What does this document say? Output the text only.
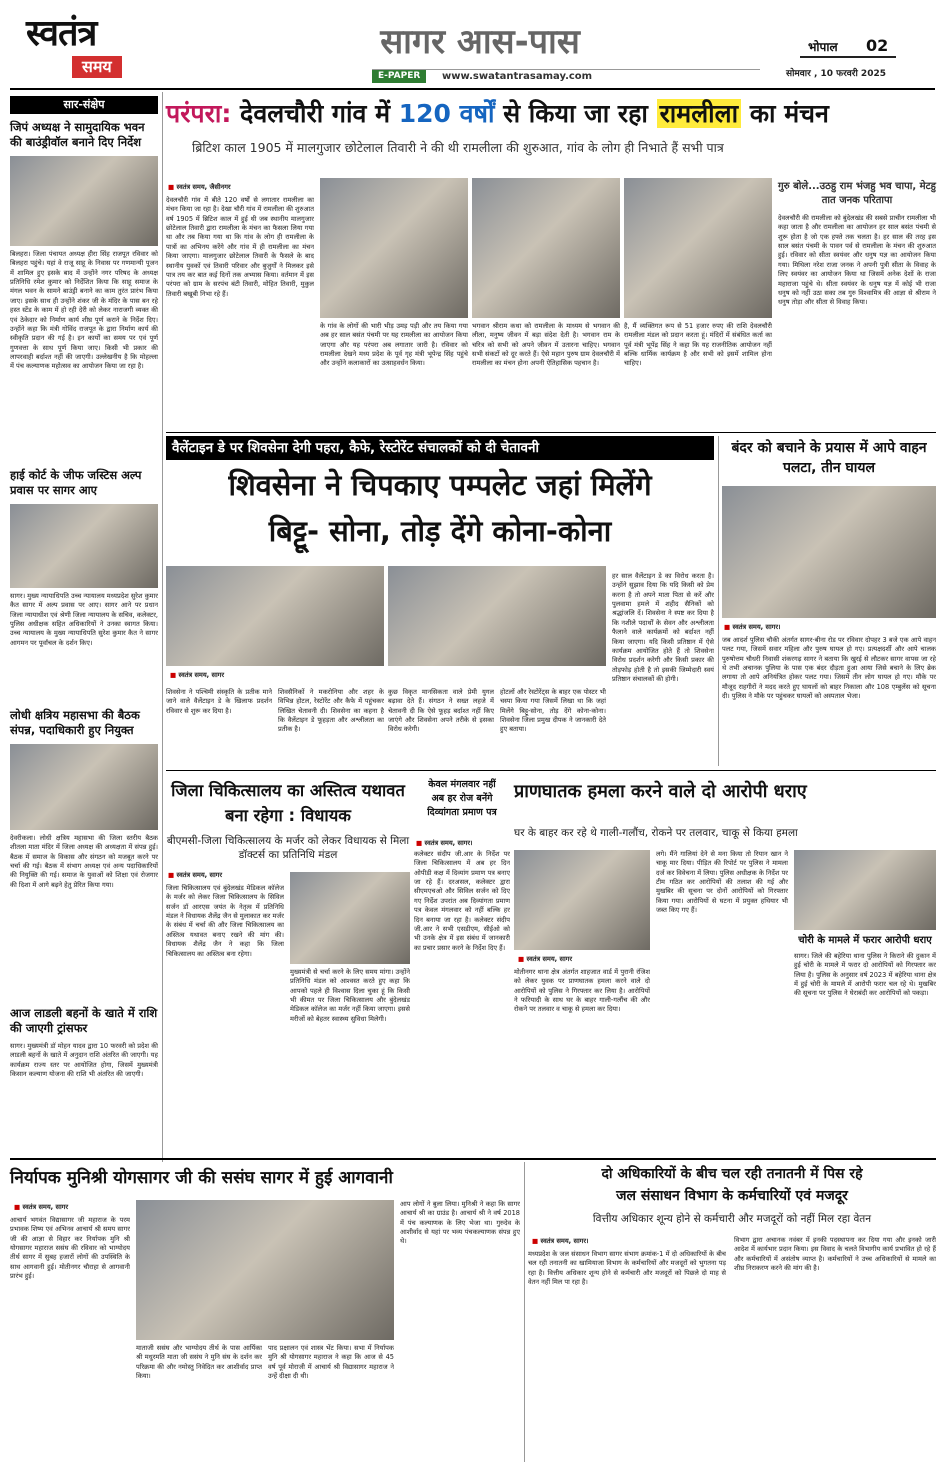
स्वतंत्र
समय
सागर आस-पास
E-PAPER	www.swatantrasamay.com
भोपाल 02
सोमवार , 10 फरवरी 2025
सार-संक्षेप
जिपं अध्यक्ष ने सामुदायिक भवन की बाउंड्रीवॉल बनाने दिए निर्देश
बिलहरा। जिला पंचायत अध्यक्ष हीरा सिंह राजपूत रविवार को बिलहरा पहुंचे। यहां वे राजू साहू के निवास पर गणमान्यी पूजन में शामिल हुए इसके बाद में उन्होंने नगर परिषद के अध्यक्ष प्रतिनिधि रमेश कुमार को निर्देशित किया कि साहू समाज के मंगल भवन के सामने बाउंड्री बनाने का काम तुरंत प्रारंभ किया जाए। इसके साथ ही उन्होंने शंकर जी के मंदिर के पास बन रहे हस्त स्टेंड के काम में हो रही देरी को लेकर नाराजगी व्यक्त की एवं ठेकेदार को निर्माण कार्य शीघ्र पूर्ण कराने के निर्देश दिए। उन्होंने कहा कि मंत्री गोविंद राजपूत के द्वारा निर्माण कार्य की स्वीकृति प्रदान की गई है। इन कार्यों का समय पर एवं पूर्ण गुणवत्ता के साथ पूर्ण किया जाए। किसी भी प्रकार की लापरवाही बर्दाश्त नहीं की जाएगी। उल्लेखनीय है कि मोहल्ला में पंच कल्याणक महोत्सव का आयोजन किया जा रहा है।
हाई कोर्ट के जीफ जस्टिस अल्प प्रवास पर सागर आए
सागर। मुख्य न्यायाधिपति उच्च न्यायालय मध्यप्रदेश सुरेश कुमार कैत सागर में अल्प प्रवास पर आए। सागर आने पर प्रधान जिला न्यायाधीश एवं श्रेणी जिला न्यायालय के सचिव, कलेक्टर, पुलिस अधीक्षक सहित अधिकारियों ने उनका स्वागत किया। उच्च न्यायालय के मुख्य न्यायाधिपति सुरेश कुमार कैत ने सागर आगमन पर पूर्वांचल के दर्शन किए।
लोधी क्षत्रिय महासभा की बैठक संपन्न, पदाधिकारी हुए नियुक्त
देवरीकला। लोधी क्षत्रिय महासभा की जिला स्तरीय बैठक शीतला माता मंदिर में जिला अध्यक्ष की अध्यक्षता में संपन्न हुई। बैठक में समाज के विकास और संगठन को मजबूत करने पर चर्चा की गई। बैठक में संभाग अध्यक्ष एवं अन्य पदाधिकारियों की नियुक्ति की गई। समाज के युवाओं को शिक्षा एवं रोजगार की दिशा में आगे बढ़ने हेतु प्रेरित किया गया।
आज लाडली बहनों के खाते में राशि की जाएगी ट्रांसफर
सागर। मुख्यमंत्री डॉ मोहन यादव द्वारा 10 फरवरी को प्रदेश की लाडली बहनों के खाते में अनुदान राशि अंतरित की जाएगी। यह कार्यक्रम राज्य स्तर पर आयोजित होगा, जिसमें मुख्यमंत्री किसान कल्याण योजना की राशि भी अंतरित की जाएगी।
परंपरा: देवलचौरी गांव में 120 वर्षों से किया जा रहा रामलीला का मंचन
ब्रिटिश काल 1905 में मालगुजार छोटेलाल तिवारी ने की थी रामलीला की शुरुआत, गांव के लोग ही निभाते हैं सभी पात्र
■ स्वतंत्र समय, जैसीनगर
देवलचौरी गांव में बीते 120 वर्षों से लगातार रामलीला का मंचन किया जा रहा है। देखा चौरी गांव में रामलीला की शुरुआत वर्ष 1905 में ब्रिटिश काल में हुई थी जब स्थानीय मालगुजार छोटेलाल तिवारी द्वारा रामलीला के मंचन का फैसला लिया गया था और तब किया गया था कि गांव के लोग ही रामलीला के पात्रों का अभिनय करेंगे और गांव में ही रामलीला का मंचन किया जाएगा। मालगुजार छोटेलाल तिवारी के फैसले के बाद स्थानीय युवकों एवं तिवारी परिवार और बुजुर्गों ने मिलकर इसे पात्र तय कर बात कई दिनों तक अभ्यास किया। वर्तमान में इस परंपरा को ग्राम के सरपंच बंटी तिवारी, मोहित तिवारी, मुकुल तिवारी बखूबी निभा रहे हैं।
के गांव के लोगों की भारी भीड़ उमड़ पड़ी और तय किया गया अब हर साल बसंत पंचमी पर यह रामलीला का आयोजन किया जाएगा और यह परंपरा अब लगातार जारी है। रविवार को रामलीला देखने मध्य प्रदेश के पूर्व गृह मंत्री भूपेन्द्र सिंह पहुंचे और उन्होंने कलाकारों का उत्साहवर्धन किया।
भगवान श्रीराम कथा को रामलीला के माध्यम से भगवान की लीला, मनुष्य जीवन में बड़ा संदेश देती है। भगवान राम के चरित्र को सभी को अपने जीवन में उतारना चाहिए। भगवान सभी संकटों को दूर करते हैं। ऐसे महान पुरुष ग्राम देवलचौरी में रामलीला का मंचन होना अपनी ऐतिहासिक पहचान है।
है, मैं व्यक्तिगत रूप से 51 हजार रुपए की राशि देवलचौरी रामलीला मंडल को प्रदान करता हूं। मंदिरों में संबंधित कर्ता का पूर्व मंत्री भूपेंद्र सिंह ने कहा कि यह राजनीतिक आयोजन नहीं बल्कि धार्मिक कार्यक्रम है और सभी को इसमें शामिल होना चाहिए।
गुरु बोले...उठहु राम भंजहु भव चापा, मेटहु तात जनक परितापा
देवलचौरी की रामलीला को बुंदेलखंड की सबसे प्राचीन रामलीला भी कहा जाता है और रामलीला का आयोजन हर साल बसंत पंचमी से शुरू होता है जो एक हफ्ते तक चलता है। हर साल की तरह इस साल बसंत पंचमी के पावन पर्व से रामलीला के मंचन की शुरुआत हुई। रविवार को सीता स्वयंवर और धनुष यज्ञ का आयोजन किया गया। मिथिला नरेश राजा जनक ने अपनी पुत्री सीता के विवाह के लिए स्वयंवर का आयोजन किया था जिसमें अनेक देशों के राजा महाराजा पहुंचे थे। सीता स्वयंवर के धनुष यज्ञ में कोई भी राजा धनुष को नहीं उठा सका तब गुरु विश्वामित्र की आज्ञा से श्रीराम ने धनुष तोड़ा और सीता से विवाह किया।
वैलेंटाइन डे पर शिवसेना देगी पहरा, कैफे, रेस्टोरेंट संचालकों को दी चेतावनी
शिवसेना ने चिपकाए पम्पलेट जहां मिलेंगे
बिट्टू- सोना, तोड़ देंगे कोना-कोना
■ स्वतंत्र समय, सागर
हर साल वैलेंटाइन डे का विरोध करता है। उन्होंने सुझाव दिया कि यदि किसी को प्रेम करना है तो अपने माता पिता से करें और पुलवामा हमले में शहीद सैनिकों को श्रद्धांजलि दें। शिवसेना ने स्पष्ट कर दिया है कि नशीले पदार्थों के सेवन और अश्लीलता फैलाने वाले कार्यक्रमों को बर्दाश्त नहीं किया जाएगा। यदि किसी प्रतिष्ठान में ऐसे कार्यक्रम आयोजित होते हैं तो शिवसेना विरोध प्रदर्शन करेगी और किसी प्रकार की तोड़फोड़ होती है तो इसकी जिम्मेदारी स्वयं प्रतिष्ठान संचालकों की होगी।
शिवसेना ने पश्चिमी संस्कृति के प्रतीक माने जाने वाले वैलेंटाइन डे के खिलाफ प्रदर्शन रविवार से शुरू कर दिया है।
शिवसैनिकों ने मकरोनिया और शहर के विभिन्न होटल, रेस्टोरेंट और कैफे में पहुंचकर लिखित चेतावनी दी। शिवसेना का कहना है कि वैलेंटाइन डे फूहड़ता और अश्लीलता का प्रतीक है।
कुछ विकृत मानसिकता वाले प्रेमी युगल बढ़ावा देते हैं। संगठन ने सख्त लहजे में चेतावनी दी कि ऐसे फूहड़ बर्दाश्त नहीं किए जाएंगे और शिवसेना अपने तरीके से इसका विरोध करेगी।
होटलों और रेस्टोरेंट्स के बाहर एक पोस्टर भी चस्पा किया गया जिसमें लिखा था कि जहां मिलेंगे बिट्टू-सोना, तोड़ देंगे कोना-कोना। शिवसेना जिला प्रमुख दीपक ने जानकारी देते हुए बताया।
बंदर को बचाने के प्रयास में आपे वाहन पलटा, तीन घायल
■ स्वतंत्र समय, सागर।
जब आदर्श पुलिस चौकी अंतर्गत सागर-बीना रोड पर रविवार दोपहर 3 बजे एक आपे वाहन पलट गया, जिसमें सवार महिला और पुरुष घायल हो गए। प्रत्यक्षदर्शी और आपे चालक पुरुषोत्तम चौधरी निवासी शंकरगढ़ सागर ने बताया कि खुरई से लौटकर सागर वापस जा रहे थे तभी अचानक पुलिया के पास एक बंदर दौड़ता हुआ आया जिसे बचाने के लिए ब्रेक लगाया तो आपे अनियंत्रित होकर पलट गया। जिसमें तीन लोग घायल हो गए। मौके पर मौजूद राहगीरों ने मदद करते हुए घायलों को बाहर निकाला और 108 एम्बुलेंस को सूचना दी। पुलिस ने मौके पर पहुंचकर घायलों को अस्पताल भेजा।
जिला चिकित्सालय का अस्तित्व यथावत बना रहेगा : विधायक
बीएमसी-जिला चिकित्सालय के मर्जर को लेकर विधायक से मिला डॉक्टर्स का प्रतिनिधि मंडल
■ स्वतंत्र समय, सागर
जिला चिकित्सालय एवं बुंदेलखंड मेडिकल कॉलेज के मर्जर को लेकर जिला चिकित्सालय के सिविल सर्जन डॉ आरएस जयंत के नेतृत्व में प्रतिनिधि मंडल ने विधायक शैलेंद्र जैन से मुलाकात कर मर्जर के संबंध में चर्चा की और जिला चिकित्सालय का अस्तित्व यथावत बनाए रखने की मांग की। विधायक शैलेंद्र जैन ने कहा कि जिला चिकित्सालय का अस्तित्व बना रहेगा।
मुख्यमंत्री से चर्चा करने के लिए समय मांगा। उन्होंने प्रतिनिधि मंडल को आश्वस्त करते हुए कहा कि आपको पहले ही विश्वास दिला चुका हूं कि किसी भी कीमत पर जिला चिकित्सालय और बुंदेलखंड मेडिकल कॉलेज का मर्जर नहीं किया जाएगा। इससे मरीजों को बेहतर स्वास्थ्य सुविधा मिलेगी।
केवल मंगलवार नहीं
अब हर रोज बनेंगे
दिव्यांगता प्रमाण पत्र
■ स्वतंत्र समय, सागर।
कलेक्टर संदीप जी.आर के निर्देश पर जिला चिकित्सालय में अब हर दिन ओपीडी कक्ष में दिव्यांग प्रमाण पत्र बनाए जा रहे हैं। दरअसल, कलेक्टर द्वारा सीएमएचओ और सिविल सर्जन को दिए गए निर्देश उपरांत अब दिव्यांगता प्रमाण पत्र केवल मंगलवार को नहीं बल्कि हर दिन बनाया जा रहा है। कलेक्टर संदीप जी.आर ने सभी एसडीएम, सीईओ को भी उनके क्षेत्र में इस संबंध में जानकारी का प्रचार प्रसार करने के निर्देश दिए हैं।
प्राणघातक हमला करने वाले दो आरोपी धराए
घर के बाहर कर रहे थे गाली-गलौंच, रोकने पर तलवार, चाकू से किया हमला
■ स्वतंत्र समय, सागर
मोतीनगर थाना क्षेत्र अंतर्गत शाहजात वार्ड में पुरानी रंजिश को लेकर युवक पर प्राणघातक हमला करने वाले दो आरोपियों को पुलिस ने गिरफ्तार कर लिया है। आरोपियों ने फरियादी के साथ घर के बाहर गाली-गलौंच की और रोकने पर तलवार व चाकू से हमला कर दिया।
लगे। मैंने गालियां देने से मना किया तो रियान खान ने चाकू मार दिया। पीड़ित की रिपोर्ट पर पुलिस ने मामला दर्ज कर विवेचना में लिया। पुलिस अधीक्षक के निर्देश पर टीम गठित कर आरोपियों की तलाश की गई और मुखबिर की सूचना पर दोनों आरोपियों को गिरफ्तार किया गया। आरोपियों से घटना में प्रयुक्त हथियार भी जब्त किए गए हैं।
चोरी के मामले में फरार आरोपी धराए
सागर। जिले की बहेरिया थाना पुलिस ने किराने की दुकान में हुई चोरी के मामले में फरार दो आरोपियों को गिरफ्तार कर लिया है। पुलिस के अनुसार वर्ष 2023 में बहेरिया थाना क्षेत्र में हुई चोरी के मामले में आरोपी फरार चल रहे थे। मुखबिर की सूचना पर पुलिस ने घेराबंदी कर आरोपियों को पकड़ा।
निर्यापक मुनिश्री योगसागर जी की ससंघ सागर में हुई आगवानी
■ स्वतंत्र समय, सागर
आचार्य भगवंत विद्यासागर जी महाराज के परम प्रभावक शिष्य एवं अभिनव आचार्य श्री समय सागर जी की आज्ञा से विहार कर निर्यापक मुनि श्री योगसागर महाराज ससंघ की रविवार को भाग्योदय तीर्थ सागर में सुबह हजारों लोगों की उपस्थिति के साथ आगवानी हुई। मोतीनगर चौराहा से आगवानी प्रारंभ हुई।
माताजी ससंघ और भाग्योदय तीर्थ के पास आर्यिका श्री मधुरमति माता जी ससंघ ने मुनि संघ के दर्शन कर परिक्रमा की और नमोस्तु निवेदित कर आशीर्वाद प्राप्त किया।
पाद प्रक्षालन एवं शास्त्र भेंट किया। सभा में निर्यापक मुनि श्री योगसागर महाराज ने कहा कि आज से 45 वर्ष पूर्व मोराजी में आचार्य श्री विद्यासागर महाराज ने उन्हें दीक्षा दी थी।
आप लोगों ने बुला लिया। मुनिश्री ने कहा कि सागर आचार्य श्री का ग्राउंड है। आचार्य श्री ने वर्ष 2018 में पंच कल्याणक के लिए भेजा था। गुरुदेव के आशीर्वाद से यहां पर भव्य पंचकल्याणक संपन्न हुए थे।
दो अधिकारियों के बीच चल रही तनातनी में पिस रहे
जल संसाधन विभाग के कर्मचारियों एवं मजदूर
वित्तीय अधिकार शून्य होने से कर्मचारी और मजदूरों को नहीं मिल रहा वेतन
■ स्वतंत्र समय, सागर।
मध्यप्रदेश के जल संसाधन विभाग सागर संभाग क्रमांक-1 में दो अधिकारियों के बीच चल रही तनातनी का खामियाजा विभाग के कर्मचारियों और मजदूरों को भुगतना पड़ रहा है। वित्तीय अधिकार शून्य होने से कर्मचारी और मजदूरों को पिछले दो माह से वेतन नहीं मिल पा रहा है।
विभाग द्वारा अचानक नवंबर में इनकी पदस्थापना कर दिया गया और इनको जारी आदेश में कार्यभार प्रदान किया। इस विवाद के चलते विभागीय कार्य प्रभावित हो रहे हैं और कर्मचारियों में असंतोष व्याप्त है। कर्मचारियों ने उच्च अधिकारियों से मामले का शीघ्र निराकरण करने की मांग की है।
